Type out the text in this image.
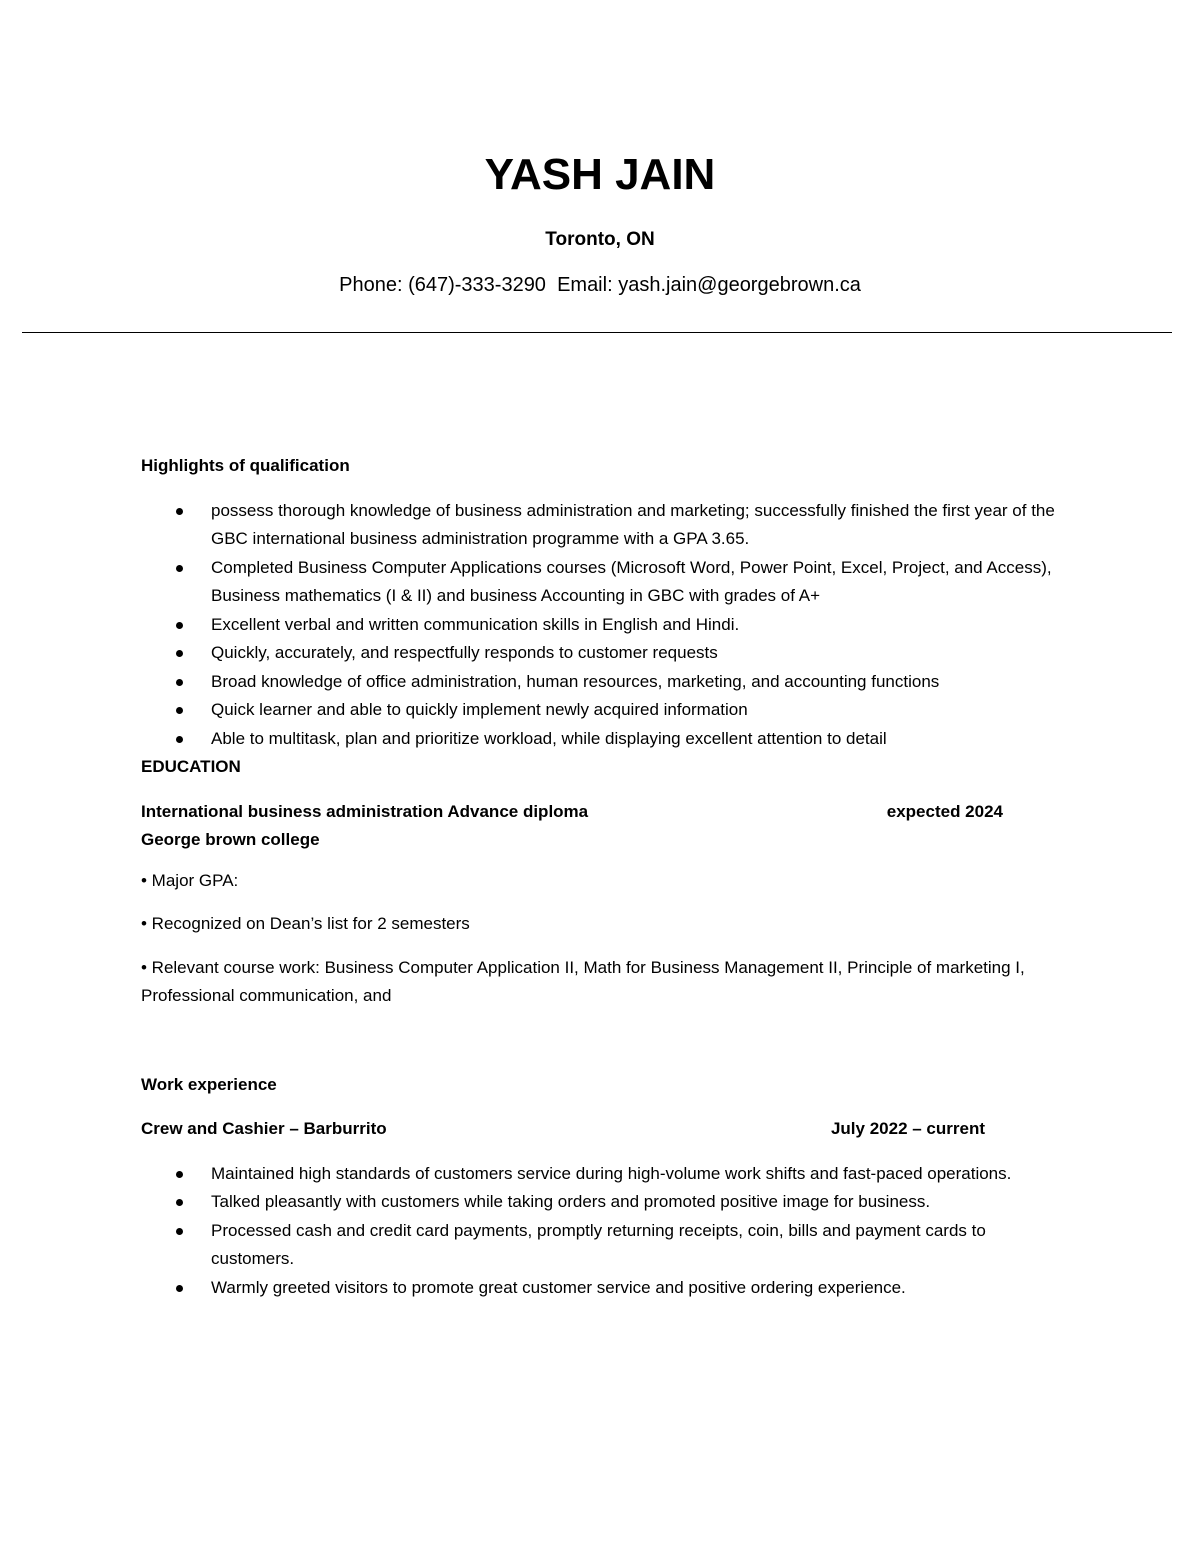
YASH JAIN
Toronto, ON
Phone: (647)-333-3290 Email: yash.jain@georgebrown.ca

Highlights of qualification

possess thorough knowledge of business administration and marketing; successfully finished the first year of the GBC international business administration programme with a GPA 3.65.
Completed Business Computer Applications courses (Microsoft Word, Power Point, Excel, Project, and Access), Business mathematics (I & II) and business Accounting in GBC with grades of A+
Excellent verbal and written communication skills in English and Hindi.
Quickly, accurately, and respectfully responds to customer requests
Broad knowledge of office administration, human resources, marketing, and accounting functions
Quick learner and able to quickly implement newly acquired information
Able to multitask, plan and prioritize workload, while displaying excellent attention to detail

EDUCATION

International business administration Advance diploma	expected 2024

George brown college

• Major GPA:

• Recognized on Dean’s list for 2 semesters

• Relevant course work: Business Computer Application II, Math for Business Management II, Principle of marketing I, Professional communication, and

Work experience

Crew and Cashier – Barburrito	July 2022 – current
Maintained high standards of customers service during high-volume work shifts and fast-paced operations.
Talked pleasantly with customers while taking orders and promoted positive image for business.
Processed cash and credit card payments, promptly returning receipts, coin, bills and payment cards to customers.
Warmly greeted visitors to promote great customer service and positive ordering experience.
